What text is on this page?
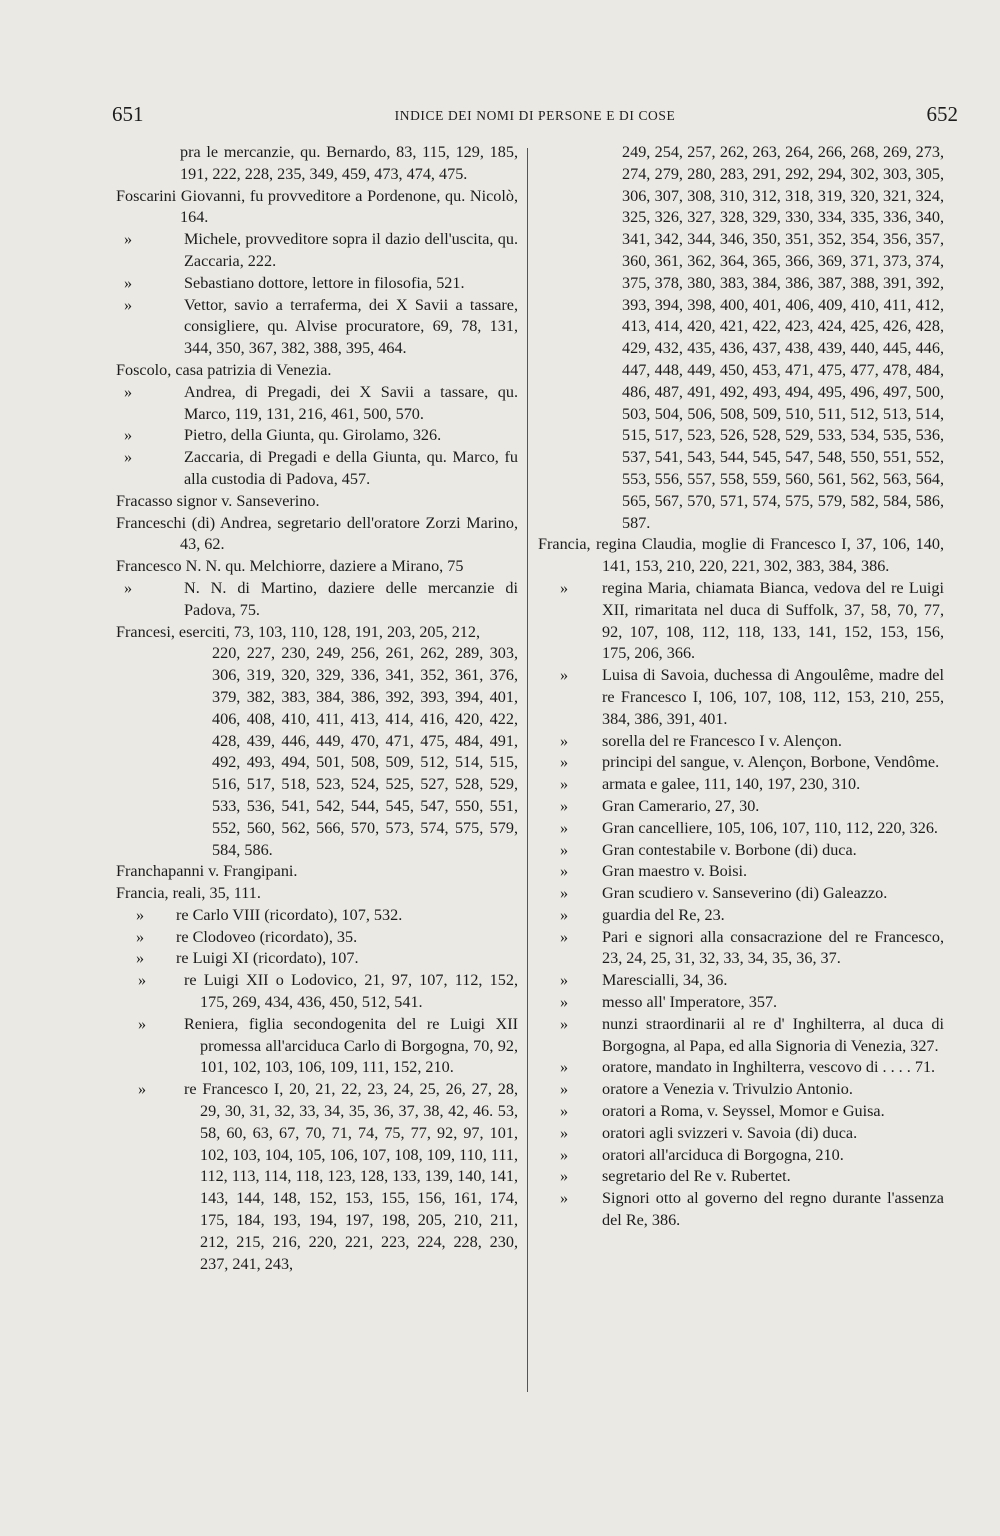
651	INDICE DEI NOMI DI PERSONE E DI COSE	652

pra le mercanzie, qu. Bernardo, 83, 115, 129, 185, 191, 222, 228, 235, 349, 459, 473, 474, 475.

Foscarini Giovanni, fu provveditore a Pordenone, qu. Nicolò, 164.

»	Michele, provveditore sopra il dazio dell'uscita, qu. Zaccaria, 222.

»	Sebastiano dottore, lettore in filosofia, 521.

»	Vettor, savio a terraferma, dei X Savii a tassare, consigliere, qu. Alvise procuratore, 69, 78, 131, 344, 350, 367, 382, 388, 395, 464.

Foscolo, casa patrizia di Venezia.

»	Andrea, di Pregadi, dei X Savii a tassare, qu. Marco, 119, 131, 216, 461, 500, 570.

»	Pietro, della Giunta, qu. Girolamo, 326.

»	Zaccaria, di Pregadi e della Giunta, qu. Marco, fu alla custodia di Padova, 457.

Fracasso signor v. Sanseverino.

Franceschi (di) Andrea, segretario dell'oratore Zorzi Marino, 43, 62.

Francesco N. N. qu. Melchiorre, daziere a Mirano, 75

»	N. N. di Martino, daziere delle mercanzie di Padova, 75.

Francesi, eserciti, 73, 103, 110, 128, 191, 203, 205, 212,

220, 227, 230, 249, 256, 261, 262, 289, 303, 306, 319, 320, 329, 336, 341, 352, 361, 376, 379, 382, 383, 384, 386, 392, 393, 394, 401, 406, 408, 410, 411, 413, 414, 416, 420, 422, 428, 439, 446, 449, 470, 471, 475, 484, 491, 492, 493, 494, 501, 508, 509, 512, 514, 515, 516, 517, 518, 523, 524, 525, 527, 528, 529, 533, 536, 541, 542, 544, 545, 547, 550, 551, 552, 560, 562, 566, 570, 573, 574, 575, 579, 584, 586.

Franchapanni v. Frangipani.

Francia, reali, 35, 111.

» re Carlo VIII (ricordato), 107, 532.

» re Clodoveo (ricordato), 35.

» re Luigi XI (ricordato), 107.

» re Luigi XII o Lodovico, 21, 97, 107, 112, 152, 175, 269, 434, 436, 450, 512, 541.

» Reniera, figlia secondogenita del re Luigi XII promessa all'arciduca Carlo di Borgogna, 70, 92, 101, 102, 103, 106, 109, 111, 152, 210.

» re Francesco I, 20, 21, 22, 23, 24, 25, 26, 27, 28, 29, 30, 31, 32, 33, 34, 35, 36, 37, 38, 42, 46. 53, 58, 60, 63, 67, 70, 71, 74, 75, 77, 92, 97, 101, 102, 103, 104, 105, 106, 107, 108, 109, 110, 111, 112, 113, 114, 118, 123, 128, 133, 139, 140, 141, 143, 144, 148, 152, 153, 155, 156, 161, 174, 175, 184, 193, 194, 197, 198, 205, 210, 211, 212, 215, 216, 220, 221, 223, 224, 228, 230, 237, 241, 243,

249, 254, 257, 262, 263, 264, 266, 268, 269, 273, 274, 279, 280, 283, 291, 292, 294, 302, 303, 305, 306, 307, 308, 310, 312, 318, 319, 320, 321, 324, 325, 326, 327, 328, 329, 330, 334, 335, 336, 340, 341, 342, 344, 346, 350, 351, 352, 354, 356, 357, 360, 361, 362, 364, 365, 366, 369, 371, 373, 374, 375, 378, 380, 383, 384, 386, 387, 388, 391, 392, 393, 394, 398, 400, 401, 406, 409, 410, 411, 412, 413, 414, 420, 421, 422, 423, 424, 425, 426, 428, 429, 432, 435, 436, 437, 438, 439, 440, 445, 446, 447, 448, 449, 450, 453, 471, 475, 477, 478, 484, 486, 487, 491, 492, 493, 494, 495, 496, 497, 500, 503, 504, 506, 508, 509, 510, 511, 512, 513, 514, 515, 517, 523, 526, 528, 529, 533, 534, 535, 536, 537, 541, 543, 544, 545, 547, 548, 550, 551, 552, 553, 556, 557, 558, 559, 560, 561, 562, 563, 564, 565, 567, 570, 571, 574, 575, 579, 582, 584, 586, 587.

Francia, regina Claudia, moglie di Francesco I, 37, 106, 140, 141, 153, 210, 220, 221, 302, 383, 384, 386.

» regina Maria, chiamata Bianca, vedova del re Luigi XII, rimaritata nel duca di Suffolk, 37, 58, 70, 77, 92, 107, 108, 112, 118, 133, 141, 152, 153, 156, 175, 206, 366.

» Luisa di Savoia, duchessa di Angoulême, madre del re Francesco I, 106, 107, 108, 112, 153, 210, 255, 384, 386, 391, 401.

» sorella del re Francesco I v. Alençon.

» principi del sangue, v. Alençon, Borbone, Vendôme.

» armata e galee, 111, 140, 197, 230, 310.

» Gran Camerario, 27, 30.

» Gran cancelliere, 105, 106, 107, 110, 112, 220, 326.

» Gran contestabile v. Borbone (di) duca.

» Gran maestro v. Boisi.

» Gran scudiero v. Sanseverino (di) Galeazzo.

» guardia del Re, 23.

» Pari e signori alla consacrazione del re Francesco, 23, 24, 25, 31, 32, 33, 34, 35, 36, 37.

» Marescialli, 34, 36.

» messo all' Imperatore, 357.

» nunzi straordinarii al re d' Inghilterra, al duca di Borgogna, al Papa, ed alla Signoria di Venezia, 327.

» oratore, mandato in Inghilterra, vescovo di . . . . 71.

» oratore a Venezia v. Trivulzio Antonio.

» oratori a Roma, v. Seyssel, Momor e Guisa.

» oratori agli svizzeri v. Savoia (di) duca.

» oratori all'arciduca di Borgogna, 210.

» segretario del Re v. Rubertet.

» Signori otto al governo del regno durante l'assenza del Re, 386.
